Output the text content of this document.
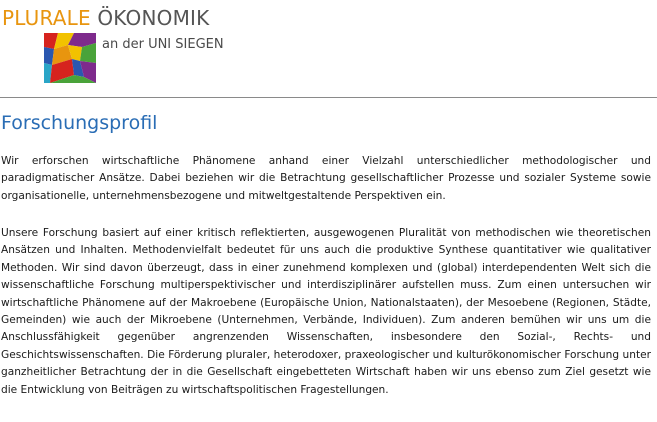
PLURALE ÖKONOMIK
an der UNI SIEGEN
Forschungsprofil

Wir erforschen wirtschaftliche Phänomene anhand einer Vielzahl unterschiedlicher methodologischer und paradigmatischer Ansätze. Dabei beziehen wir die Betrachtung gesellschaftlicher Prozesse und sozialer Systeme sowie organisationelle, unternehmensbezogene und mitweltgestaltende Perspektiven ein.

Unsere Forschung basiert auf einer kritisch reflektierten, ausgewogenen Pluralität von methodischen wie theoretischen Ansätzen und Inhalten. Methodenvielfalt bedeutet für uns auch die produktive Synthese quantitativer wie qualitativer Methoden. Wir sind davon überzeugt, dass in einer zunehmend komplexen und (global) interdependenten Welt sich die wissenschaftliche Forschung multiperspektivischer und interdisziplinärer aufstellen muss. Zum einen untersuchen wir wirtschaftliche Phänomene auf der Makroebene (Europäische Union, Nationalstaaten), der Mesoebene (Regionen, Städte, Gemeinden) wie auch der Mikroebene (Unternehmen, Verbände, Individuen). Zum anderen bemühen wir uns um die Anschlussfähigkeit gegenüber angrenzenden Wissenschaften, insbesondere den Sozial-, Rechts- und Geschichtswissenschaften. Die Förderung pluraler, heterodoxer, praxeologischer und kulturökonomischer Forschung unter ganzheitlicher Betrachtung der in die Gesellschaft eingebetteten Wirtschaft haben wir uns ebenso zum Ziel gesetzt wie die Entwicklung von Beiträgen zu wirtschaftspolitischen Fragestellungen.
